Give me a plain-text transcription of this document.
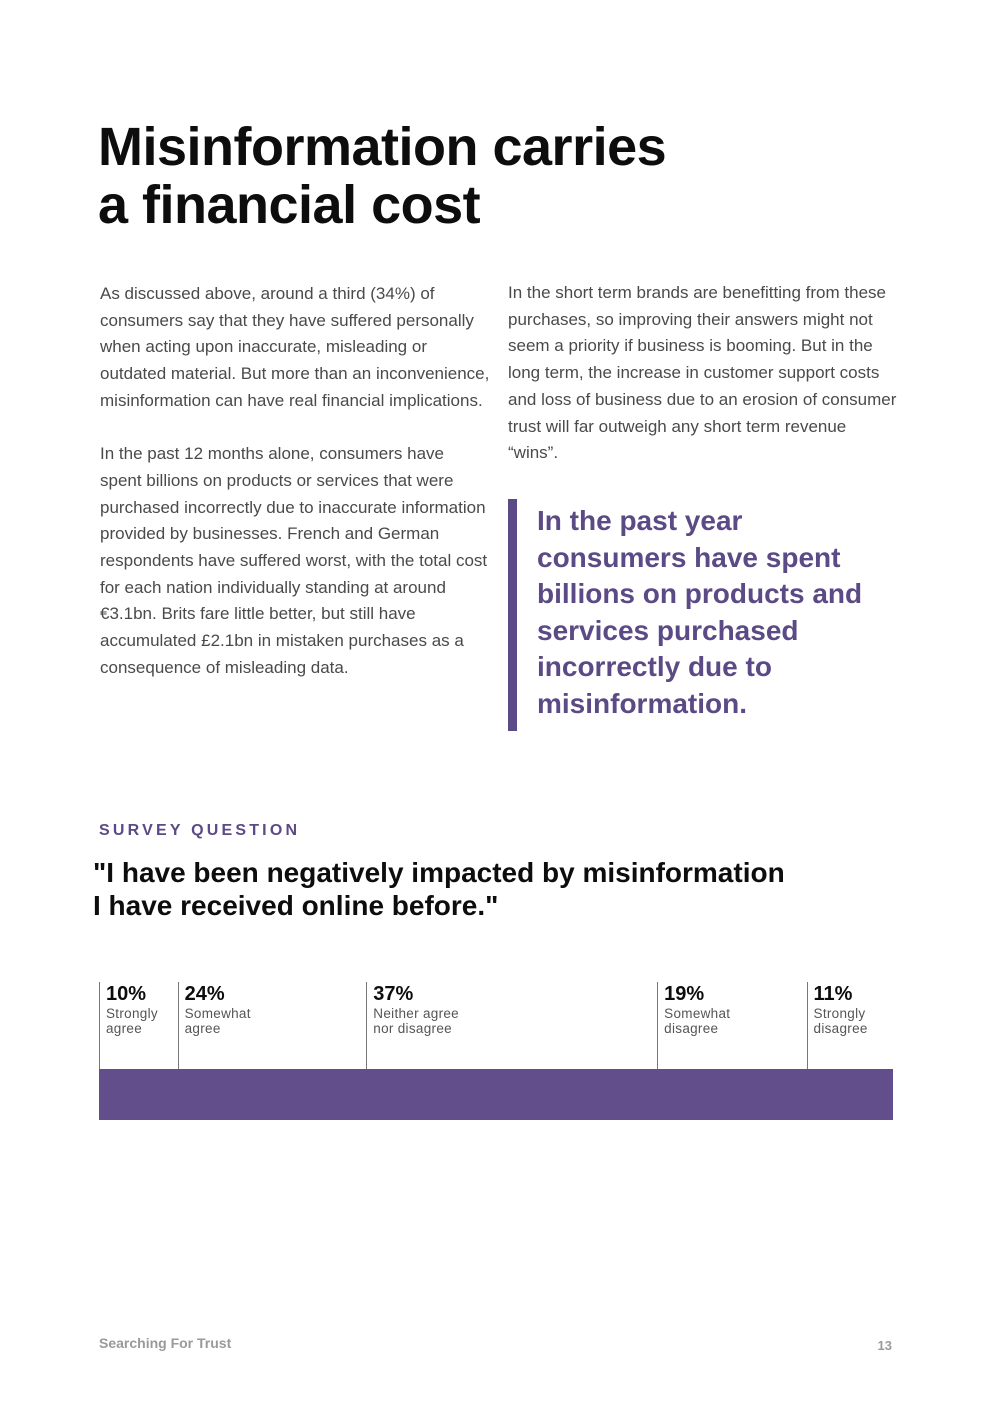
Misinformation carries
a financial cost

As discussed above, around a third (34%) of consumers say that they have suffered personally when acting upon inaccurate, misleading or outdated material. But more than an inconvenience, misinformation can have real financial implications.

In the past 12 months alone, consumers have spent billions on products or services that were purchased incorrectly due to inaccurate information provided by businesses. French and German respondents have suffered worst, with the total cost for each nation individually standing at around €3.1bn. Brits fare little better, but still have accumulated £2.1bn in mistaken purchases as a consequence of misleading data.

In the short term brands are benefitting from these purchases, so improving their answers might not seem a priority if business is booming. But in the long term, the increase in customer support costs and loss of business due to an erosion of consumer trust will far outweigh any short term revenue “wins”.

In the past year consumers have spent billions on products and services purchased incorrectly due to misinformation.

SURVEY QUESTION
"I have been negatively impacted by misinformation I have received online before."
10%
Strongly
agree
24%
Somewhat
agree
37%
Neither agree
nor disagree
19%
Somewhat
disagree
11%
Strongly
disagree
Searching For Trust	13
